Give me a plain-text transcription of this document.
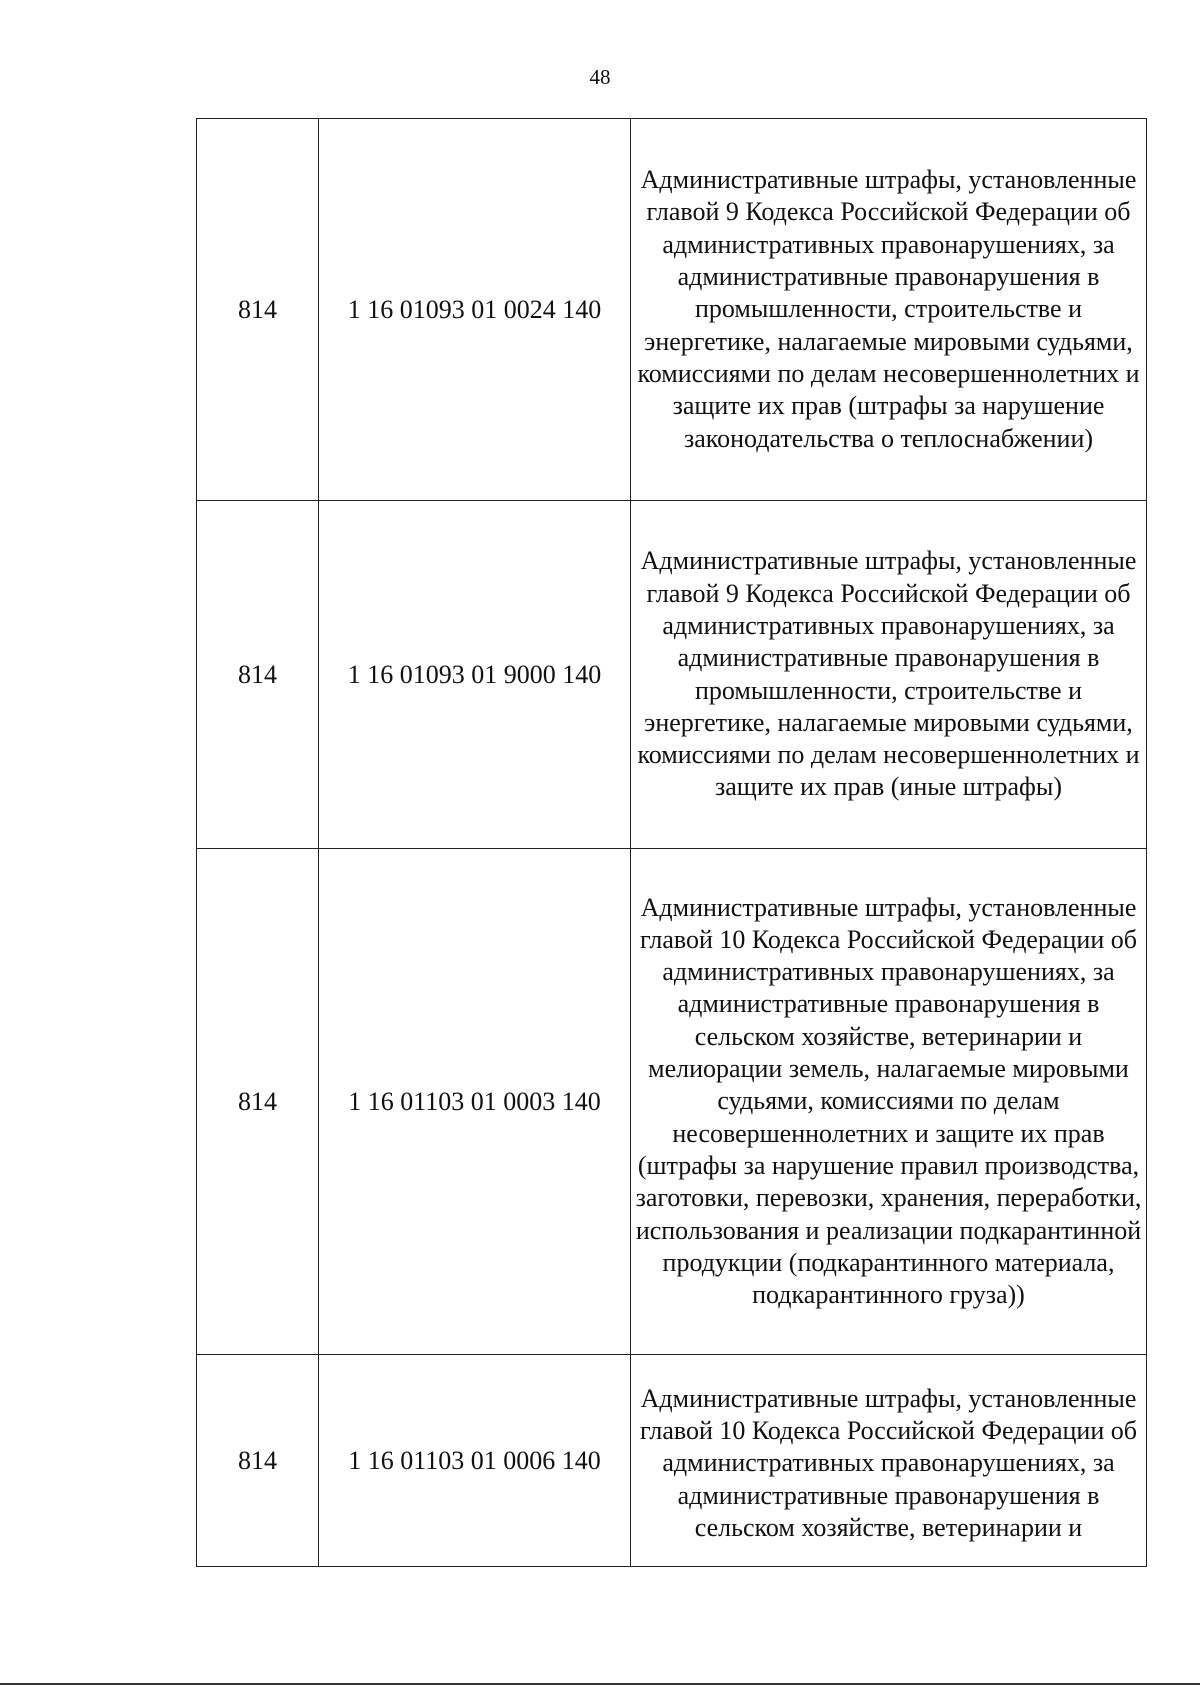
48
814	1 16 01093 01 0024 140	Административные штрафы, установленные главой 9 Кодекса Российской Федерации об административных правонарушениях, за административные правонарушения в промышленности, строительстве и энергетике, налагаемые мировыми судьями, комиссиями по делам несовершеннолетних и защите их прав (штрафы за нарушение законодательства о теплоснабжении)
814	1 16 01093 01 9000 140	Административные штрафы, установленные главой 9 Кодекса Российской Федерации об административных правонарушениях, за административные правонарушения в промышленности, строительстве и энергетике, налагаемые мировыми судьями, комиссиями по делам несовершеннолетних и защите их прав (иные штрафы)
814	1 16 01103 01 0003 140	Административные штрафы, установленные главой 10 Кодекса Российской Федерации об административных правонарушениях, за административные правонарушения в сельском хозяйстве, ветеринарии и мелиорации земель, налагаемые мировыми судьями, комиссиями по делам несовершеннолетних и защите их прав (штрафы за нарушение правил производства, заготовки, перевозки, хранения, переработки, использования и реализации подкарантинной продукции (подкарантинного материала, подкарантинного груза))
814	1 16 01103 01 0006 140	Административные штрафы, установленные главой 10 Кодекса Российской Федерации об административных правонарушениях, за административные правонарушения в сельском хозяйстве, ветеринарии и
